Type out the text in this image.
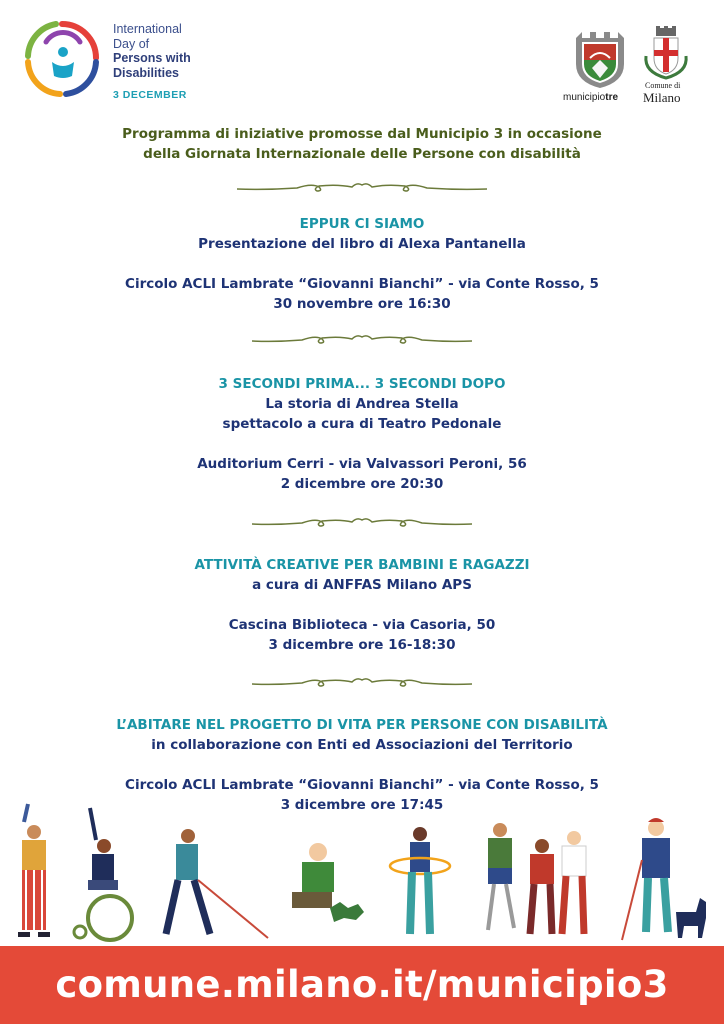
International
Day of
Persons with
Disabilities
3 DECEMBER	municipiotre
Comune di
Milano
Programma di iniziative promosse dal Municipio 3 in occasione
della Giornata Internazionale delle Persone con disabilità
EPPUR CI SIAMO
Presentazione del libro di Alexa Pantanella
Circolo ACLI Lambrate “Giovanni Bianchi” - via Conte Rosso, 5
30 novembre ore 16:30
3 SECONDI PRIMA... 3 SECONDI DOPO
La storia di Andrea Stella
spettacolo a cura di Teatro Pedonale
Auditorium Cerri - via Valvassori Peroni, 56
2 dicembre ore 20:30
ATTIVITÀ CREATIVE PER BAMBINI E RAGAZZI
a cura di ANFFAS Milano APS
Cascina Biblioteca - via Casoria, 50
3 dicembre ore 16-18:30
L’ABITARE NEL PROGETTO DI VITA PER PERSONE CON DISABILITÀ
in collaborazione con Enti ed Associazioni del Territorio
Circolo ACLI Lambrate “Giovanni Bianchi” - via Conte Rosso, 5
3 dicembre ore 17:45
comune.milano.it/municipio3
